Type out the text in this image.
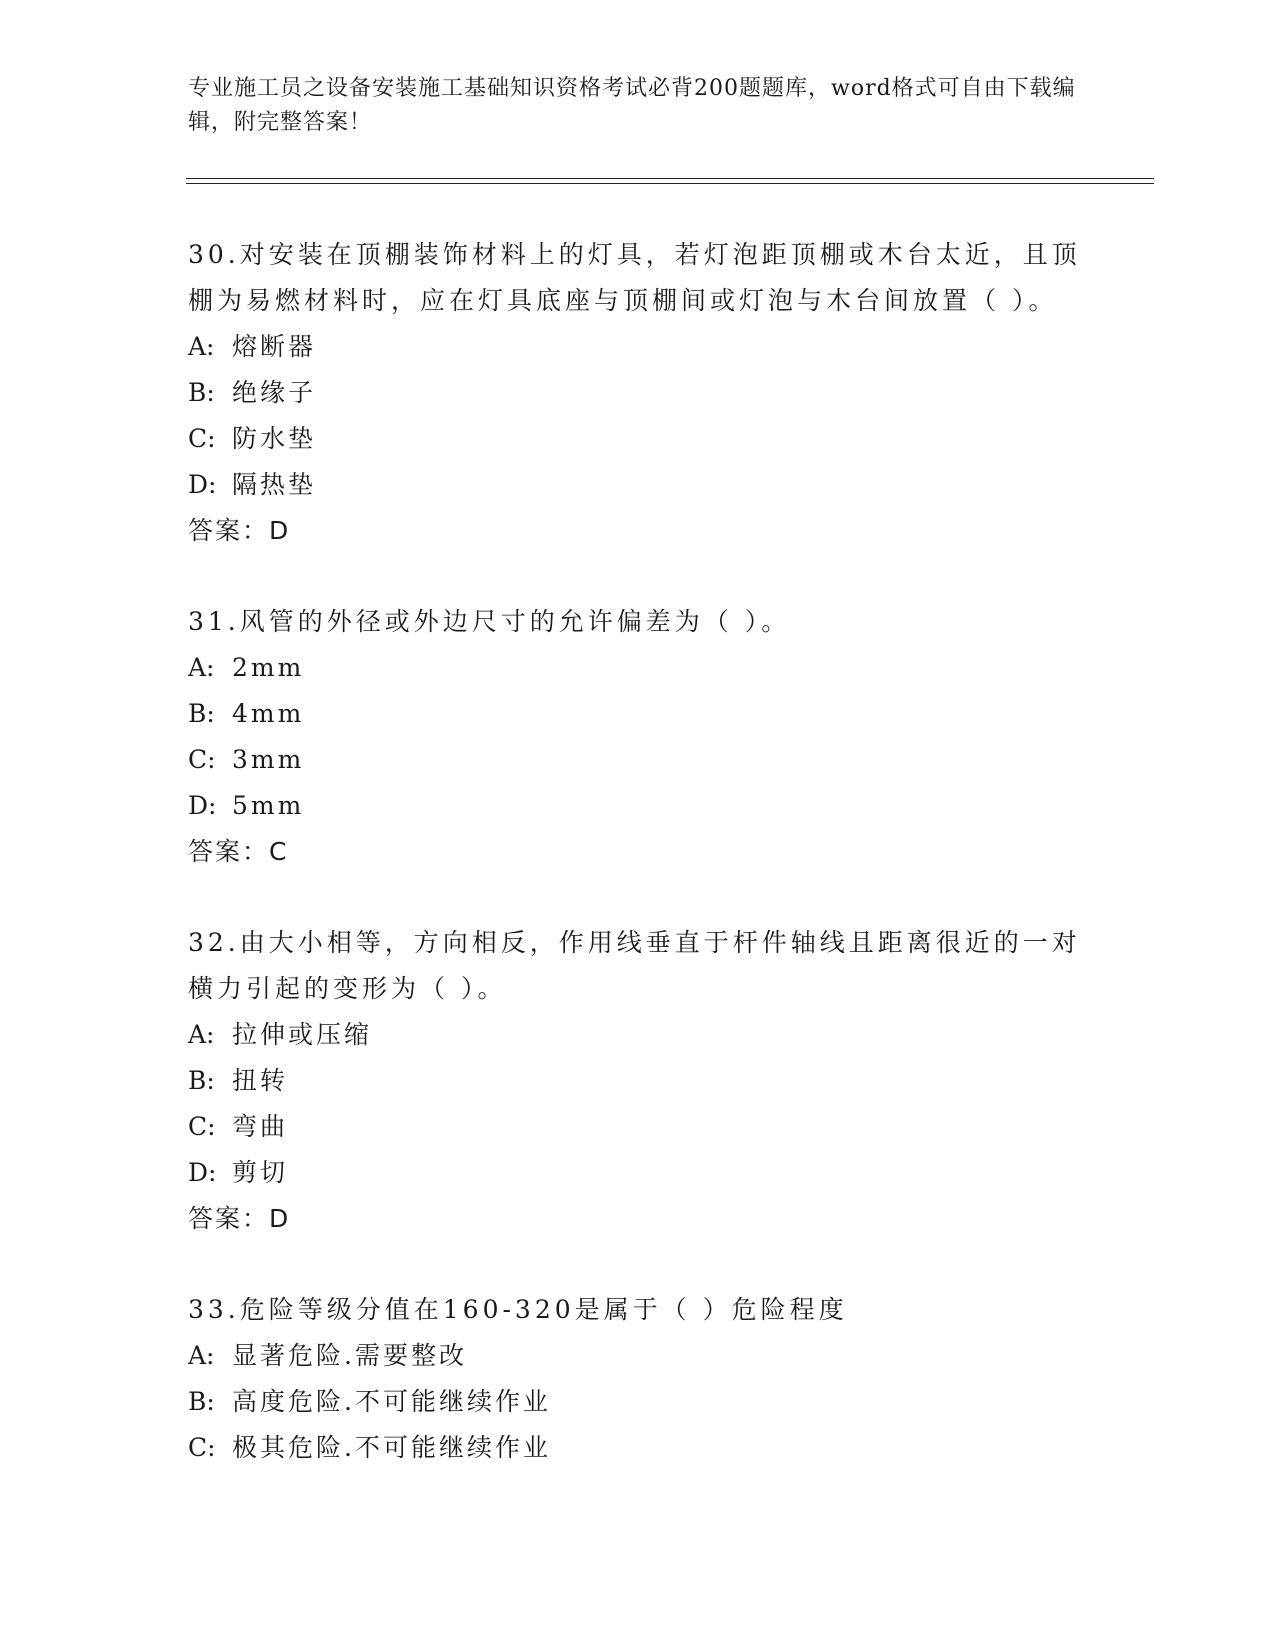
专业施工员之设备安装施工基础知识资格考试必背200题题库，word格式可自由下载编辑，附完整答案！
30.对安装在顶棚装饰材料上的灯具，若灯泡距顶棚或木台太近，且顶棚为易燃材料时，应在灯具底座与顶棚间或灯泡与木台间放置（ ）。
A: 熔断器
B: 绝缘子
C: 防水垫
D: 隔热垫
答案：D
31.风管的外径或外边尺寸的允许偏差为（ ）。
A: 2mm
B: 4mm
C: 3mm
D: 5mm
答案：C
32.由大小相等，方向相反，作用线垂直于杆件轴线且距离很近的一对横力引起的变形为（ ）。
A: 拉伸或压缩
B: 扭转
C: 弯曲
D: 剪切
答案：D
33.危险等级分值在160-320是属于（ ）危险程度
A: 显著危险.需要整改
B: 高度危险.不可能继续作业
C: 极其危险.不可能继续作业
